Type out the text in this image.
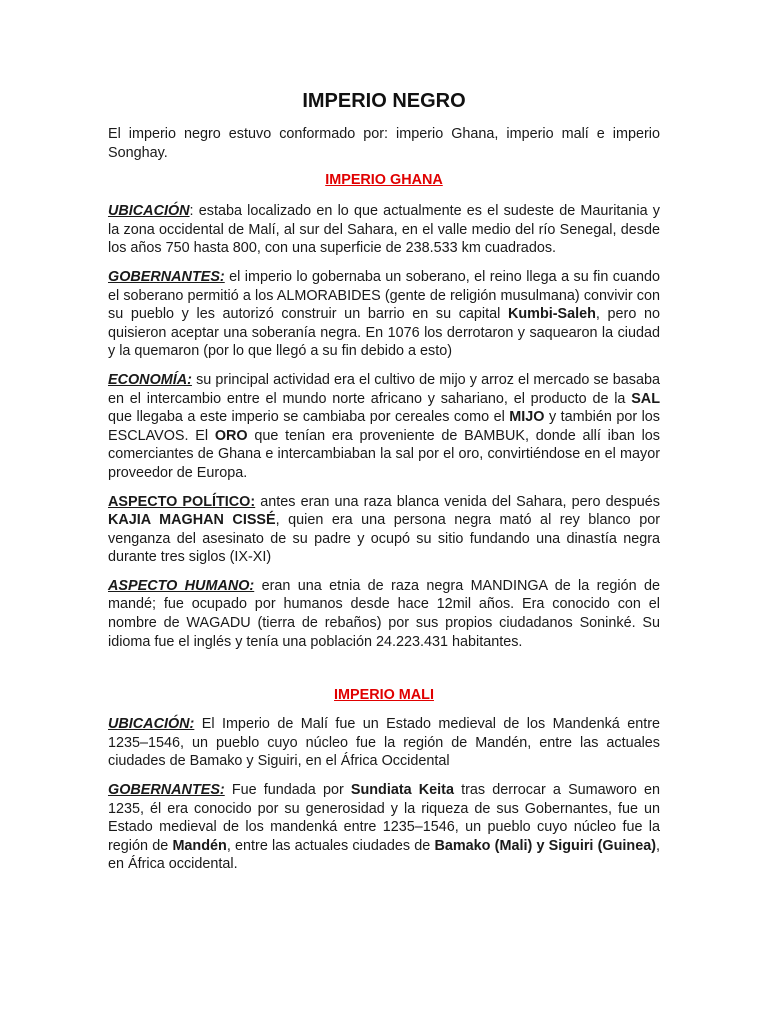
IMPERIO NEGRO

El imperio negro estuvo conformado por: imperio Ghana, imperio malí e imperio Songhay.

IMPERIO GHANA

UBICACIÓN: estaba localizado en lo que actualmente es el sudeste de Mauritania y la zona occidental de Malí, al sur del Sahara, en el valle medio del río Senegal, desde los años 750 hasta 800, con una superficie de 238.533 km cuadrados.

GOBERNANTES: el imperio lo gobernaba un soberano, el reino llega a su fin cuando el soberano permitió a los ALMORABIDES (gente de religión musulmana) convivir con su pueblo y les autorizó construir un barrio en su capital Kumbi-Saleh, pero no quisieron aceptar una soberanía negra. En 1076 los derrotaron y saquearon la ciudad y la quemaron (por lo que llegó a su fin debido a esto)

ECONOMÍA: su principal actividad era el cultivo de mijo y arroz el mercado se basaba en el intercambio entre el mundo norte africano y sahariano, el producto de la SAL que llegaba a este imperio se cambiaba por cereales como el MIJO y también por los ESCLAVOS. El ORO que tenían era proveniente de BAMBUK, donde allí iban los comerciantes de Ghana e intercambiaban la sal por el oro, convirtiéndose en el mayor proveedor de Europa.

ASPECTO POLÍTICO: antes eran una raza blanca venida del Sahara, pero después KAJIA MAGHAN CISSÉ, quien era una persona negra mató al rey blanco por venganza del asesinato de su padre y ocupó su sitio fundando una dinastía negra durante tres siglos (IX-XI)

ASPECTO HUMANO: eran una etnia de raza negra MANDINGA de la región de mandé; fue ocupado por humanos desde hace 12mil años. Era conocido con el nombre de WAGADU (tierra de rebaños) por sus propios ciudadanos Soninké. Su idioma fue el inglés y tenía una población 24.223.431 habitantes.

IMPERIO MALI

UBICACIÓN: El Imperio de Malí fue un Estado medieval de los Mandenká entre 1235–1546, un pueblo cuyo núcleo fue la región de Mandén, entre las actuales ciudades de Bamako y Siguiri, en el África Occidental

GOBERNANTES: Fue fundada por Sundiata Keita tras derrocar a Sumaworo en 1235, él era conocido por su generosidad y la riqueza de sus Gobernantes, fue un Estado medieval de los mandenká entre 1235–1546, un pueblo cuyo núcleo fue la región de Mandén, entre las actuales ciudades de Bamako (Mali) y Siguiri (Guinea), en África occidental.
